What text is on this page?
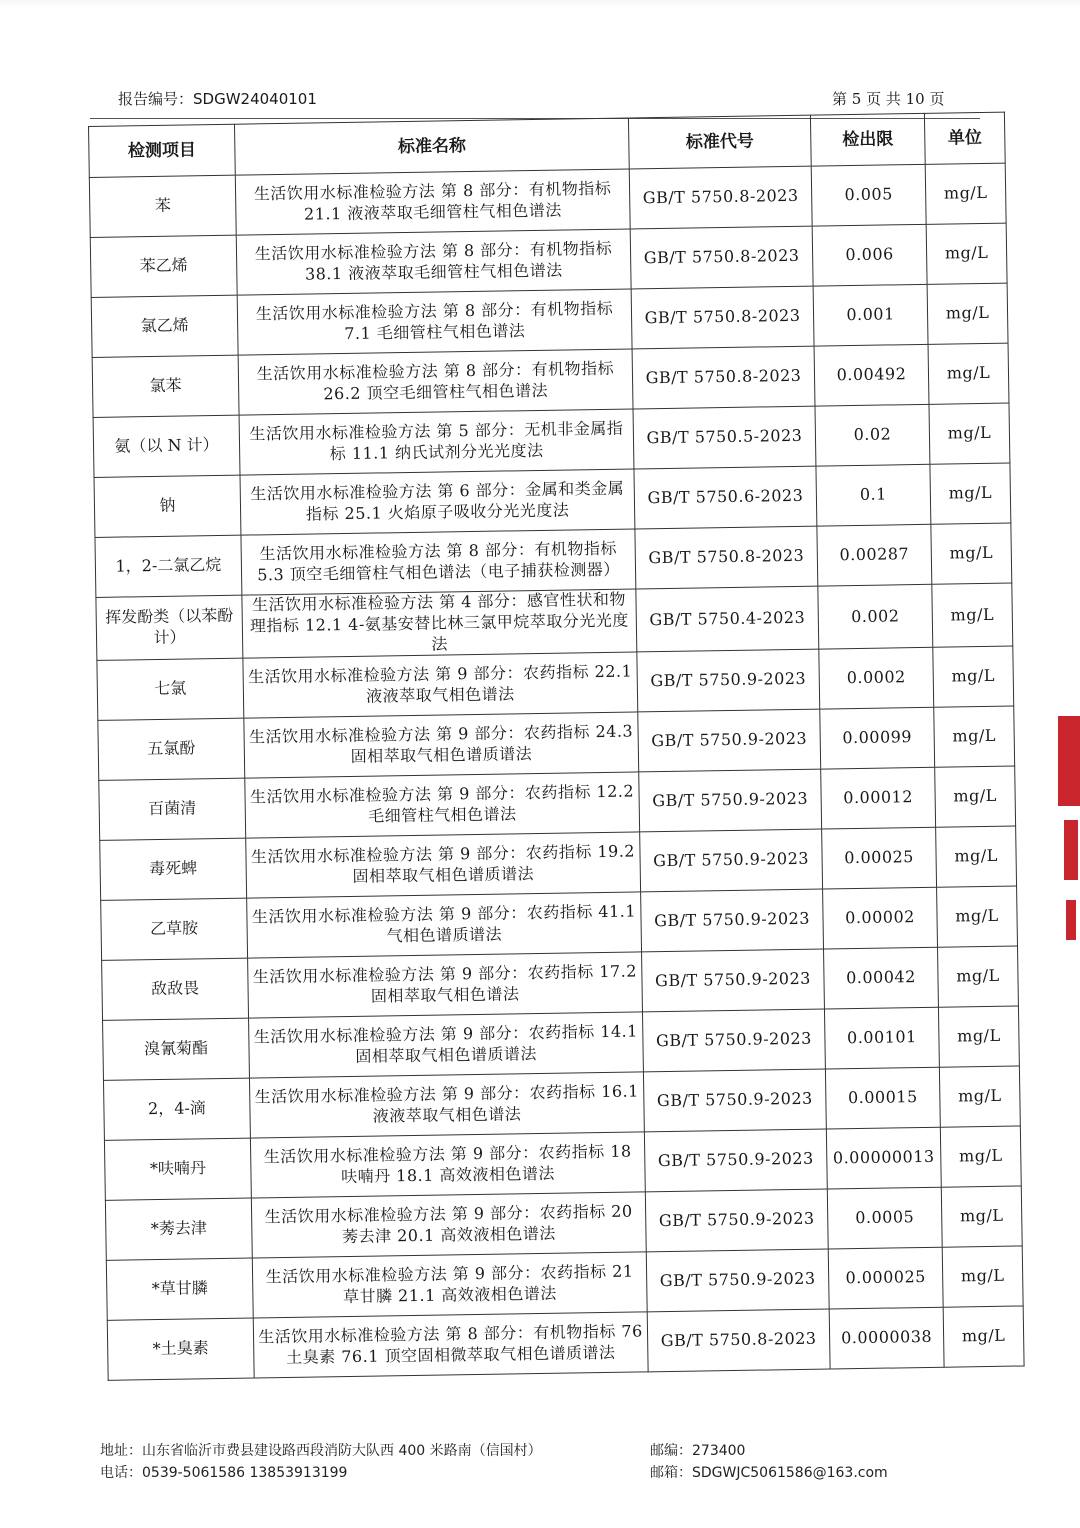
报告编号：SDGW24040101	第 5 页 共 10 页
检测项目	标准名称	标准代号	检出限	单位
苯	生活饮用水标准检验方法 第 8 部分：有机物指标 21.1 液液萃取毛细管柱气相色谱法	GB/T 5750.8-2023	0.005	mg/L
苯乙烯	生活饮用水标准检验方法 第 8 部分：有机物指标 38.1 液液萃取毛细管柱气相色谱法	GB/T 5750.8-2023	0.006	mg/L
氯乙烯	生活饮用水标准检验方法 第 8 部分：有机物指标 7.1 毛细管柱气相色谱法	GB/T 5750.8-2023	0.001	mg/L
氯苯	生活饮用水标准检验方法 第 8 部分：有机物指标 26.2 顶空毛细管柱气相色谱法	GB/T 5750.8-2023	0.00492	mg/L
氨（以 N 计）	生活饮用水标准检验方法 第 5 部分：无机非金属指标 11.1 纳氏试剂分光光度法	GB/T 5750.5-2023	0.02	mg/L
钠	生活饮用水标准检验方法 第 6 部分：金属和类金属指标 25.1 火焰原子吸收分光光度法	GB/T 5750.6-2023	0.1	mg/L
1，2-二氯乙烷	生活饮用水标准检验方法 第 8 部分：有机物指标 5.3 顶空毛细管柱气相色谱法（电子捕获检测器）	GB/T 5750.8-2023	0.00287	mg/L
挥发酚类（以苯酚计）	生活饮用水标准检验方法 第 4 部分：感官性状和物理指标 12.1 4-氨基安替比林三氯甲烷萃取分光光度法	GB/T 5750.4-2023	0.002	mg/L
七氯	生活饮用水标准检验方法 第 9 部分：农药指标 22.1 液液萃取气相色谱法	GB/T 5750.9-2023	0.0002	mg/L
五氯酚	生活饮用水标准检验方法 第 9 部分：农药指标 24.3 固相萃取气相色谱质谱法	GB/T 5750.9-2023	0.00099	mg/L
百菌清	生活饮用水标准检验方法 第 9 部分：农药指标 12.2 毛细管柱气相色谱法	GB/T 5750.9-2023	0.00012	mg/L
毒死蜱	生活饮用水标准检验方法 第 9 部分：农药指标 19.2 固相萃取气相色谱质谱法	GB/T 5750.9-2023	0.00025	mg/L
乙草胺	生活饮用水标准检验方法 第 9 部分：农药指标 41.1 气相色谱质谱法	GB/T 5750.9-2023	0.00002	mg/L
敌敌畏	生活饮用水标准检验方法 第 9 部分：农药指标 17.2 固相萃取气相色谱法	GB/T 5750.9-2023	0.00042	mg/L
溴氰菊酯	生活饮用水标准检验方法 第 9 部分：农药指标 14.1 固相萃取气相色谱质谱法	GB/T 5750.9-2023	0.00101	mg/L
2，4-滴	生活饮用水标准检验方法 第 9 部分：农药指标 16.1 液液萃取气相色谱法	GB/T 5750.9-2023	0.00015	mg/L
*呋喃丹	生活饮用水标准检验方法 第 9 部分：农药指标 18 呋喃丹 18.1 高效液相色谱法	GB/T 5750.9-2023	0.00000013	mg/L
*莠去津	生活饮用水标准检验方法 第 9 部分：农药指标 20 莠去津 20.1 高效液相色谱法	GB/T 5750.9-2023	0.0005	mg/L
*草甘膦	生活饮用水标准检验方法 第 9 部分：农药指标 21 草甘膦 21.1 高效液相色谱法	GB/T 5750.9-2023	0.000025	mg/L
*土臭素	生活饮用水标准检验方法 第 8 部分：有机物指标 76 土臭素 76.1 顶空固相微萃取气相色谱质谱法	GB/T 5750.8-2023	0.0000038	mg/L
地址：山东省临沂市费县建设路西段消防大队西 400 米路南（信国村）
电话：0539-5061586 13853913199
邮编：273400
邮箱：SDGWJC5061586@163.com
